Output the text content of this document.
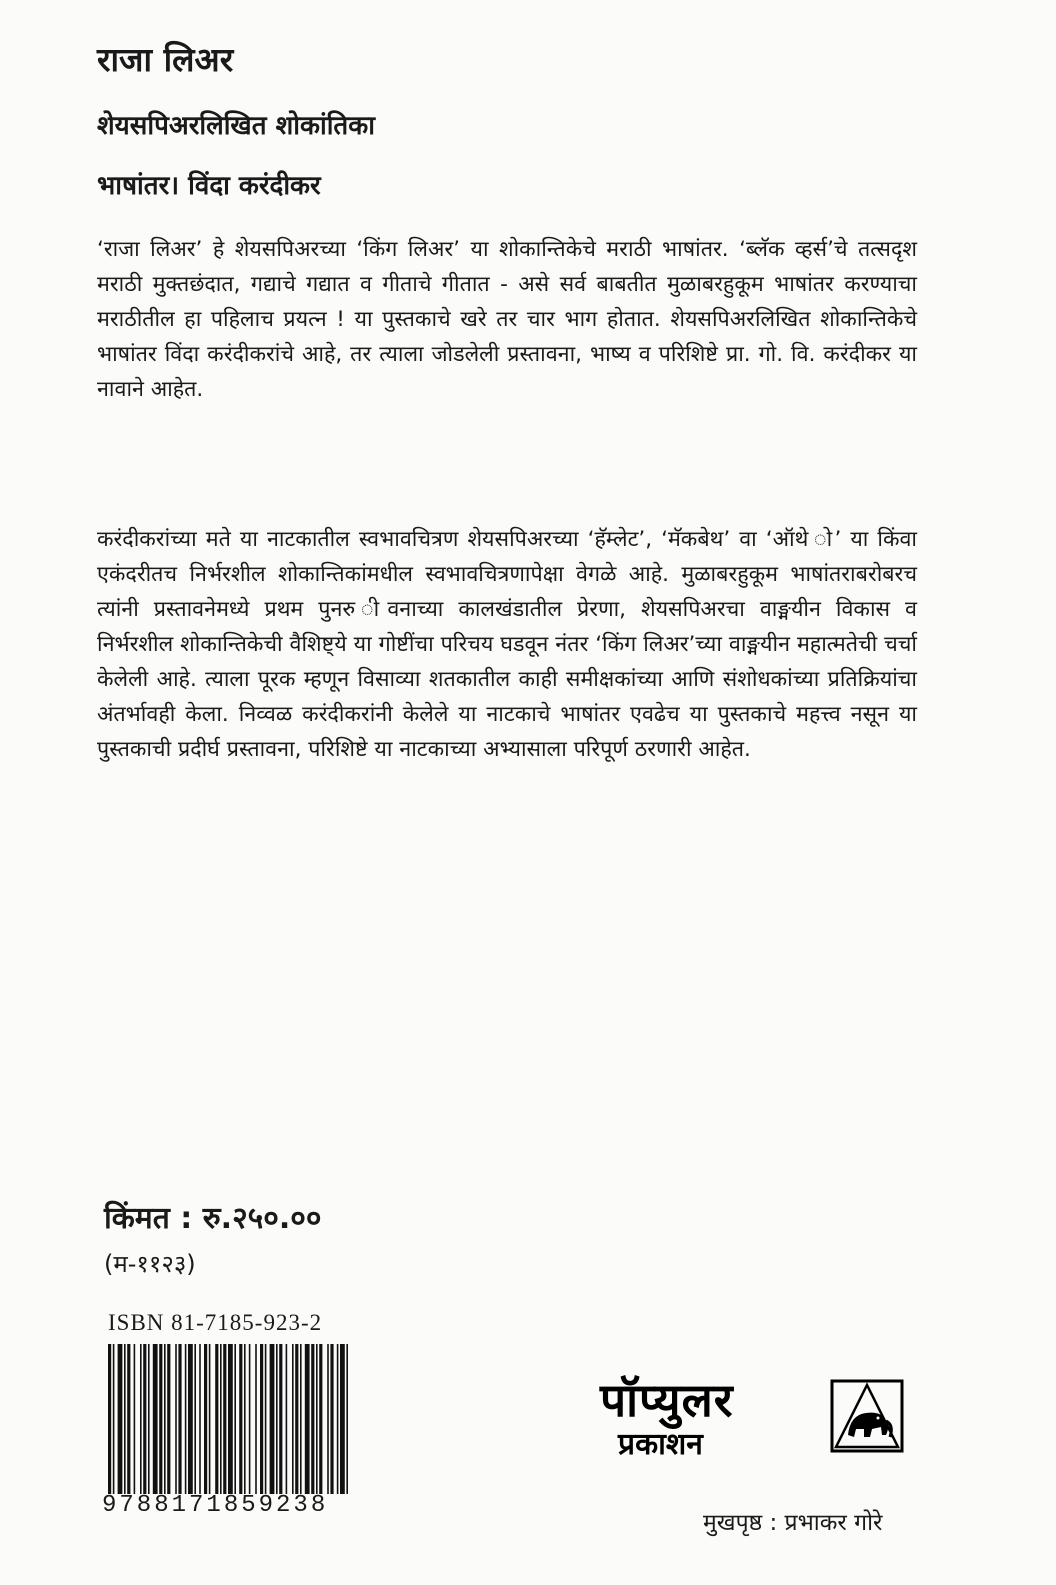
राजा लिअर
शेयसपिअरलिखित शोकांतिका
भाषांतर। विंदा करंदीकर

‘राजा लिअर’ हे शेयसपिअरच्या ‘किंग लिअर’ या शोकान्तिकेचे मराठी भाषांतर. ‘ब्लॅक व्हर्स’चे तत्सदृश मराठी मुक्तछंदात, गद्याचे गद्यात व गीताचे गीतात - असे सर्व बाबतीत मुळाबरहुकूम भाषांतर करण्याचा मराठीतील हा पहिलाच प्रयत्न ! या पुस्तकाचे खरे तर चार भाग होतात. शेयसपिअरलिखित शोकान्तिकेचे भाषांतर विंदा करंदीकरांचे आहे, तर त्याला जोडलेली प्रस्तावना, भाष्य व परिशिष्टे प्रा. गो. वि. करंदीकर या नावाने आहेत.

करंदीकरांच्या मते या नाटकातील स्वभावचित्रण शेयसपिअरच्या ‘हॅम्लेट’, ‘मॅकबेथ’ वा ‘ऑथे ो’ या किंवा एकंदरीतच निर्भरशील शोकान्तिकांमधील स्वभावचित्रणापेक्षा वेगळे आहे. मुळाबरहुकूम भाषांतराबरोबरच त्यांनी प्रस्तावनेमध्ये प्रथम पुनरु ीवनाच्या कालखंडातील प्रेरणा, शेयसपिअरचा वाङ्मयीन विकास व निर्भरशील शोकान्तिकेची वैशिष्ट्ये या गोष्टींचा परिचय घडवून नंतर ‘किंग लिअर’च्या वाङ्मयीन महात्मतेची चर्चा केलेली आहे. त्याला पूरक म्हणून विसाव्या शतकातील काही समीक्षकांच्या आणि संशोधकांच्या प्रतिक्रियांचा अंतर्भावही केला. निव्वळ करंदीकरांनी केलेले या नाटकाचे भाषांतर एवढेच या पुस्तकाचे महत्त्व नसून या पुस्तकाची प्रदीर्घ प्रस्तावना, परिशिष्टे या नाटकाच्या अभ्यासाला परिपूर्ण ठरणारी आहेत.

किंमत : रु.२५०.००

(म-११२३)

ISBN 81-7185-923-2

9788171859238

पॉप्युलर

प्रकाशन

मुखपृष्ठ : प्रभाकर गोरे
